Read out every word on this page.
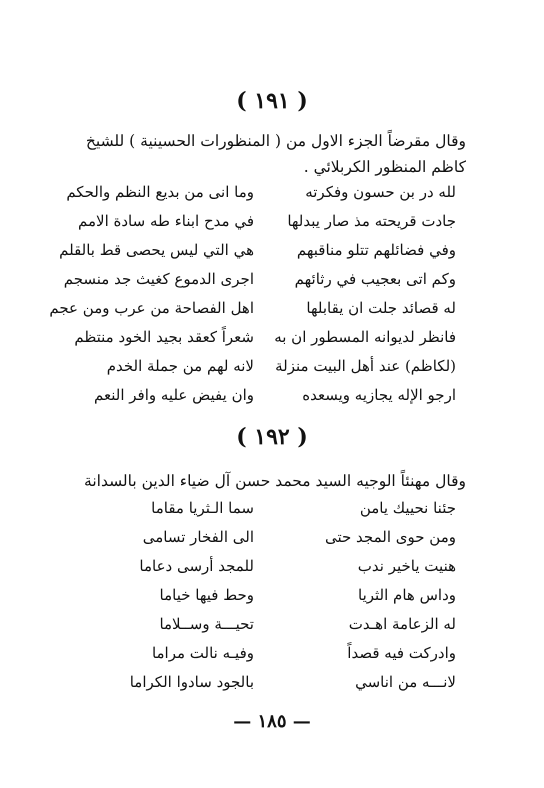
( ١٩١ )
وقال مقرضاً الجزء الاول من ( المنظورات الحسينية ) للشيخ
كاظم المنظور الكربلائي .
لله در بن حسون وفكرته
وما انى من بديع النظم والحكم
جادت قريحته مذ صار يبدلها
في مدح ابناء طه سادة الامم
وفي فضائلهم تتلو مناقبهم
هي التي ليس يحصى قط بالقلم
وكم اتى بعجيب في رثائهم
اجرى الدموع كغيث جد منسجم
له قصائد جلت ان يقابلها
اهل الفصاحة من عرب ومن عجم
فانظر لديوانه المسطور ان به
شعراً كعقد بجيد الخود منتظم
(لكاظم) عند أهل البيت منزلة
لانه لهم من جملة الخدم
ارجو الإله يجازيه ويسعده
وان يفيض عليه وافر النعم
( ١٩٢ )
وقال مهنئاً الوجيه السيد محمد حسن آل ضياء الدين بالسدانة
جئنا نحييك يامن
سما الـثريا مقاما
ومن حوى المجد حتى
الى الفخار تسامى
هنيت ياخير ندب
للمجد أرسى دعاما
وداس هام الثريا
وحط فيها خياما
له الزعامة اهـدت
تحيـــة وســلاما
وادركت فيه قصداً
وفيـه نالت مراما
لانـــه من اناسي
بالجود سادوا الكراما
— ١٨٥ —
